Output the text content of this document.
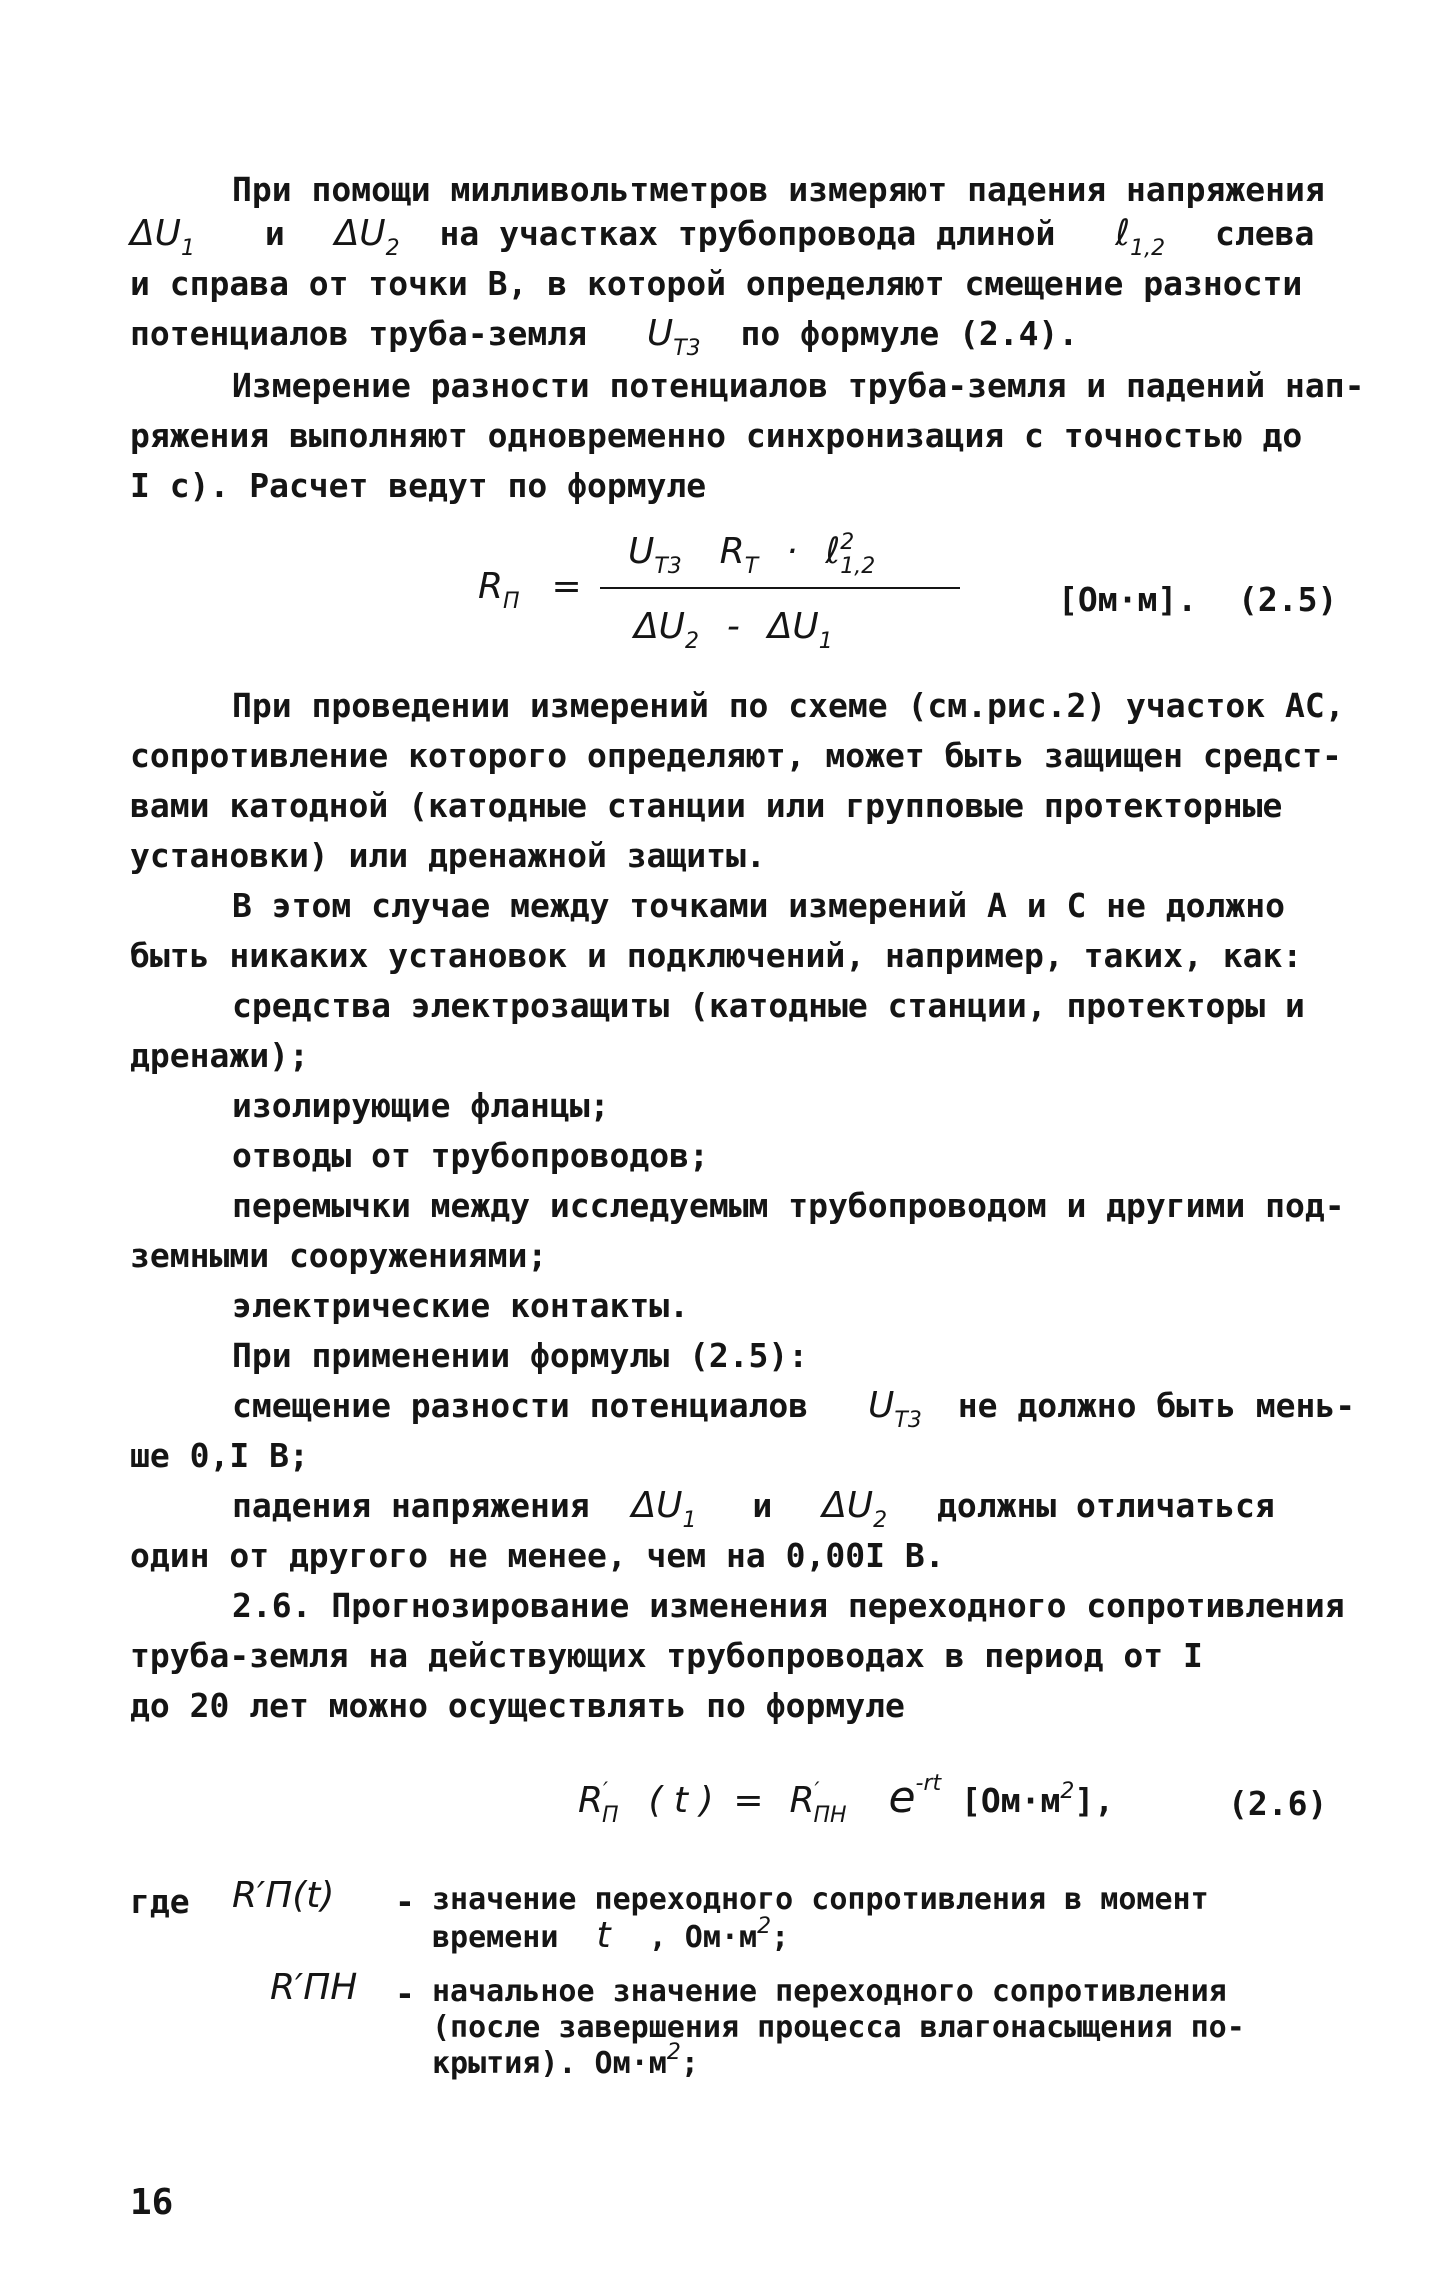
При помощи милливольтметров измеряют падения напряжения
$\Delta U_1$ и $\Delta U_2$ на участках трубопровода длиной ℓ$_{1,2}$ слева
и справа от точки В, в которой определяют смещение разности
потенциалов труба-земля $U_{Т3}$ по формуле (2.4).
Измерение разности потенциалов труба-земля и падений нап-
ряжения выполняют одновременно синхронизация с точностью до
I с). Расчет ведут по формуле
$R_П$ =
$U_{Т3}$ $R_Т$ · ℓ$^2_{1,2}$
$\Delta U_2 - \Delta U_1$
[Ом·м]. (2.5)
При проведении измерений по схеме (см.рис.2) участок АС,
сопротивление которого определяют, может быть защищен средст-
вами катодной (катодные станции или групповые протекторные
установки) или дренажной защиты.
В этом случае между точками измерений А и С не должно
быть никаких установок и подключений, например, таких, как:
средства электрозащиты (катодные станции, протекторы и
дренажи);
изолирующие фланцы;
отводы от трубопроводов;
перемычки между исследуемым трубопроводом и другими под-
земными сооружениями;
электрические контакты.
При применении формулы (2.5):
смещение разности потенциалов $U_{Т3}$ не должно быть мень-
ше 0,I В;
падения напряжения $\Delta U_1$ и $\Delta U_2$ должны отличаться
один от другого не менее, чем на 0,00I В.
2.6. Прогнозирование изменения переходного сопротивления
труба-земля на действующих трубопроводах в период от I
до 20 лет можно осуществлять по формуле
$R'_П$ ( t ) = $R'_{ПН}$ $e^{-rt}$ $[Ом\cdot м^2]$,	(2.6)
где R′П(t) - значение переходного сопротивления в момент
времени t , $Ом\cdot м^2$;
R′ПН - начальное значение переходного сопротивления
(после завершения процесса влагонасыщения по-
крытия). $Ом\cdot м^2$;
16
